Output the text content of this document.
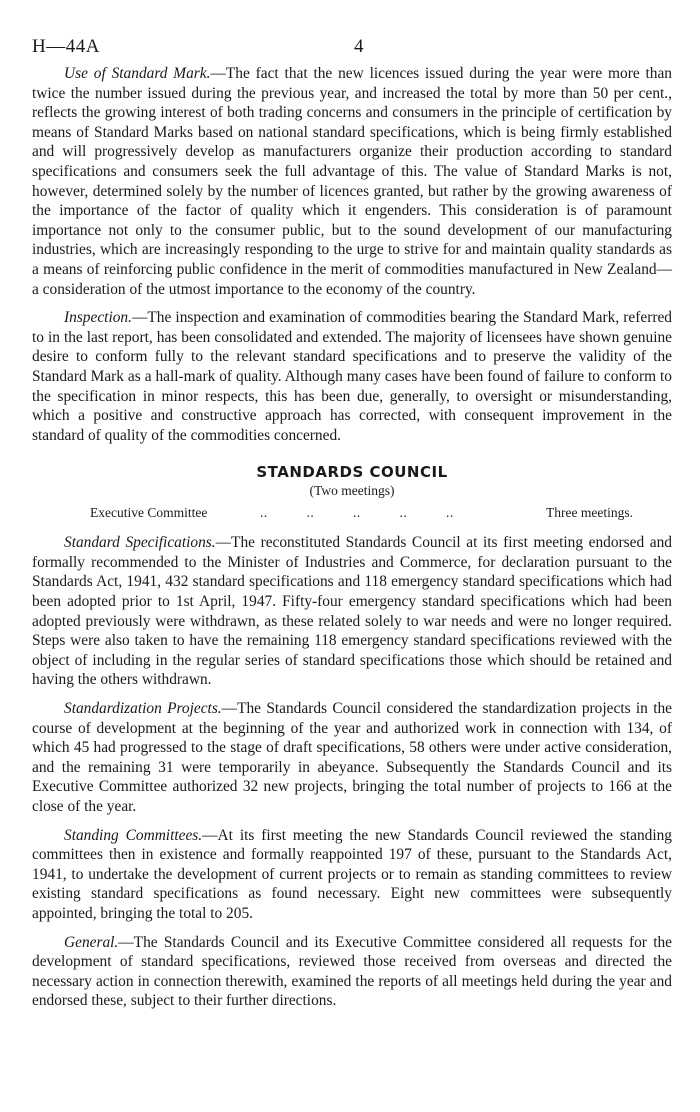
H—44A	4

Use of Standard Mark.—The fact that the new licences issued during the year were more than twice the number issued during the previous year, and increased the total by more than 50 per cent., reflects the growing interest of both trading concerns and consumers in the principle of certification by means of Standard Marks based on national standard specifications, which is being firmly established and will progressively develop as manufacturers organize their production according to standard specifications and consumers seek the full advantage of this. The value of Standard Marks is not, however, determined solely by the number of licences granted, but rather by the growing awareness of the importance of the factor of quality which it engenders. This consideration is of paramount importance not only to the consumer public, but to the sound development of our manufacturing industries, which are increasingly responding to the urge to strive for and maintain quality standards as a means of reinforcing public confidence in the merit of commodities manufactured in New Zealand—a consideration of the utmost importance to the economy of the country.

Inspection.—The inspection and examination of commodities bearing the Standard Mark, referred to in the last report, has been consolidated and extended. The majority of licensees have shown genuine desire to conform fully to the relevant standard specifications and to preserve the validity of the Standard Mark as a hall-mark of quality. Although many cases have been found of failure to conform to the specification in minor respects, this has been due, generally, to oversight or misunderstanding, which a positive and constructive approach has corrected, with consequent improvement in the standard of quality of the commodities concerned.

STANDARDS COUNCIL
(Two meetings)
Executive Committee	..          ..          ..          ..          ..	Three meetings.

Standard Specifications.—The reconstituted Standards Council at its first meeting endorsed and formally recommended to the Minister of Industries and Commerce, for declaration pursuant to the Standards Act, 1941, 432 standard specifications and 118 emergency standard specifications which had been adopted prior to 1st April, 1947. Fifty-four emergency standard specifications which had been adopted previously were withdrawn, as these related solely to war needs and were no longer required. Steps were also taken to have the remaining 118 emergency standard specifications reviewed with the object of including in the regular series of standard specifications those which should be retained and having the others withdrawn.

Standardization Projects.—The Standards Council considered the standardization projects in the course of development at the beginning of the year and authorized work in connection with 134, of which 45 had progressed to the stage of draft specifications, 58 others were under active consideration, and the remaining 31 were temporarily in abeyance. Subsequently the Standards Council and its Executive Committee authorized 32 new projects, bringing the total number of projects to 166 at the close of the year.

Standing Committees.—At its first meeting the new Standards Council reviewed the standing committees then in existence and formally reappointed 197 of these, pursuant to the Standards Act, 1941, to undertake the development of current projects or to remain as standing committees to review existing standard specifications as found necessary. Eight new committees were subsequently appointed, bringing the total to 205.

General.—The Standards Council and its Executive Committee considered all requests for the development of standard specifications, reviewed those received from overseas and directed the necessary action in connection therewith, examined the reports of all meetings held during the year and endorsed these, subject to their further directions.
